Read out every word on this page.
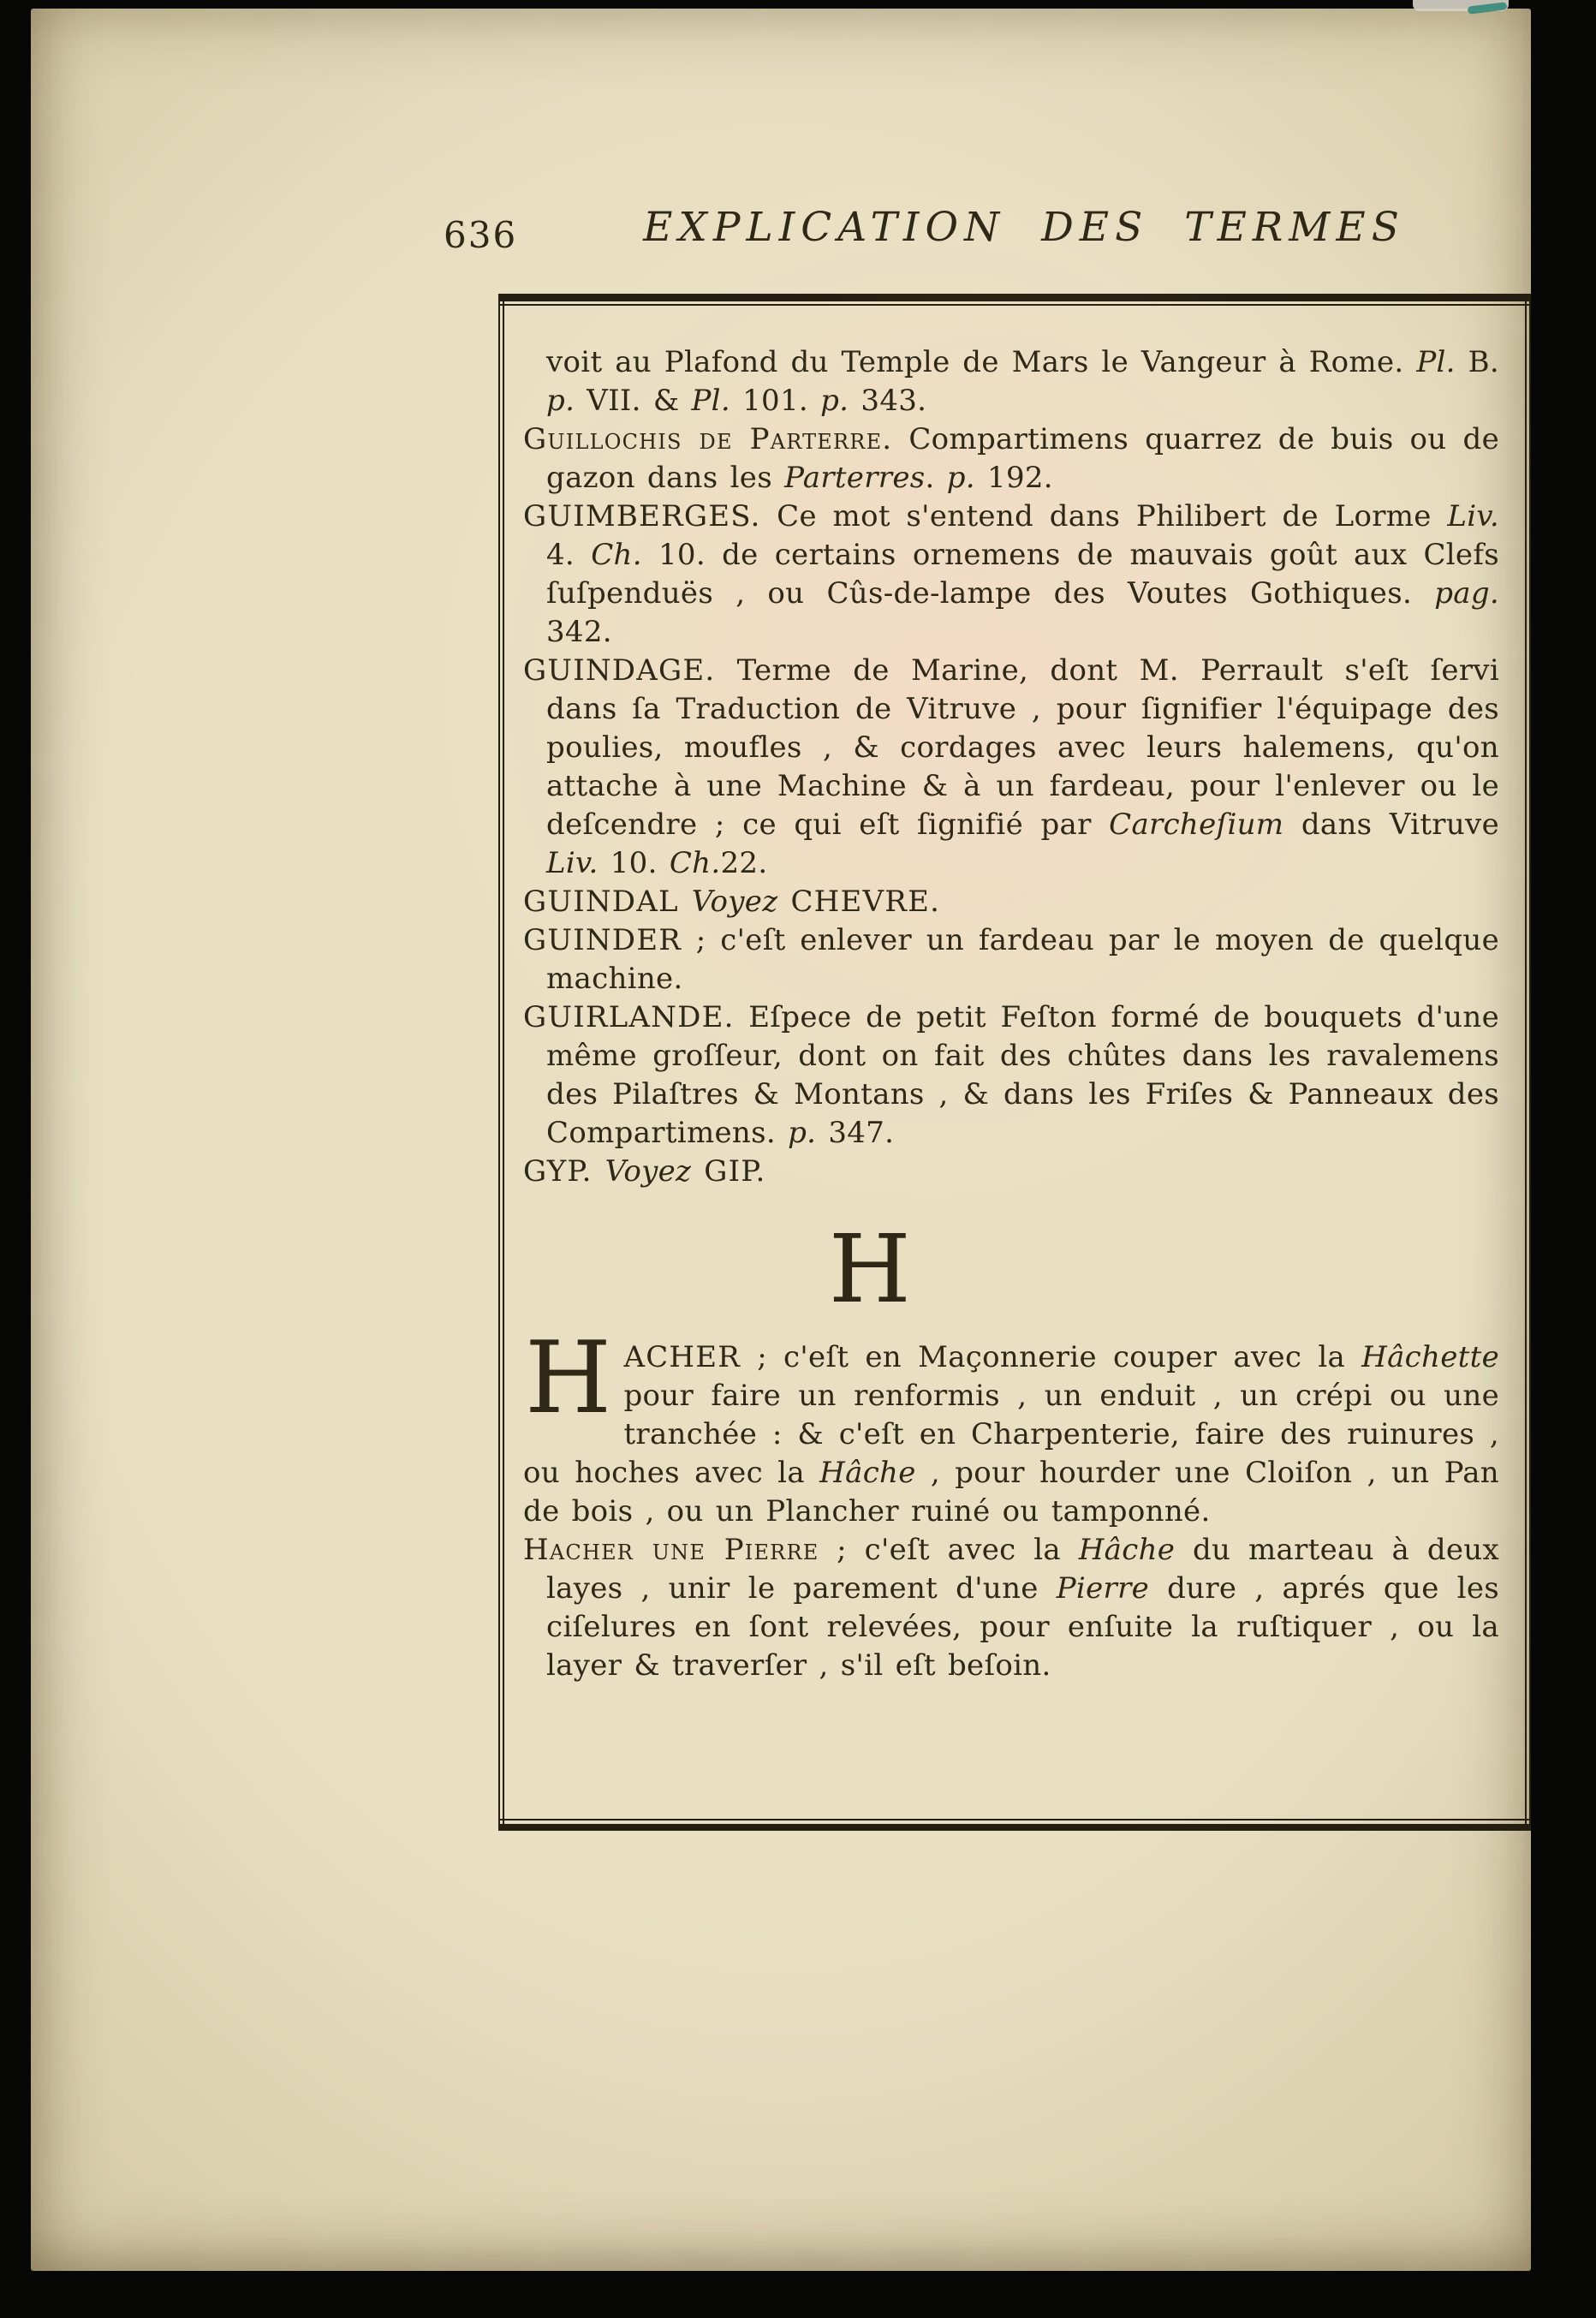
636	EXPLICATION DES TERMES

voit au Plafond du Temple de Mars le Vangeur à Rome. Pl. B. p. VII. & Pl. 101. p. 343.

Guillochis de Parterre. Compartimens quarrez de buis ou de gazon dans les Parterres. p. 192.

GUIMBERGES. Ce mot s'entend dans Philibert de Lorme Liv. 4. Ch. 10. de certains ornemens de mauvais goût aux Clefs ſuſpenduës , ou Cûs-de-lampe des Voutes Gothiques. pag. 342.

GUINDAGE. Terme de Marine, dont M. Perrault s'eſt ſervi dans ſa Traduction de Vitruve , pour ſignifier l'équipage des poulies, moufles , & cordages avec leurs halemens, qu'on attache à une Machine & à un fardeau, pour l'enlever ou le deſcendre ; ce qui eſt ſignifié par Carcheſium dans Vitruve Liv. 10. Ch.22.

GUINDAL Voyez CHEVRE.

GUINDER ; c'eſt enlever un fardeau par le moyen de quelque machine.

GUIRLANDE. Eſpece de petit Feſton formé de bouquets d'une même groſſeur, dont on fait des chûtes dans les ravalemens des Pilaſtres & Montans , & dans les Friſes & Panneaux des Compartimens. p. 347.

GYP. Voyez GIP.

H

HACHER ; c'eſt en Maçonnerie couper avec la Hâchette pour faire un renformis , un enduit , un crépi ou une tranchée : & c'eſt en Charpenterie, faire des ruinures , ou hoches avec la Hâche , pour hourder une Cloiſon , un Pan de bois , ou un Plancher ruiné ou tamponné.

Hacher une Pierre ; c'eſt avec la Hâche du marteau à deux layes , unir le parement d'une Pierre dure , aprés que les ciſelures en ſont relevées, pour enſuite la ruſtiquer , ou la layer & traverſer , s'il eſt beſoin.
